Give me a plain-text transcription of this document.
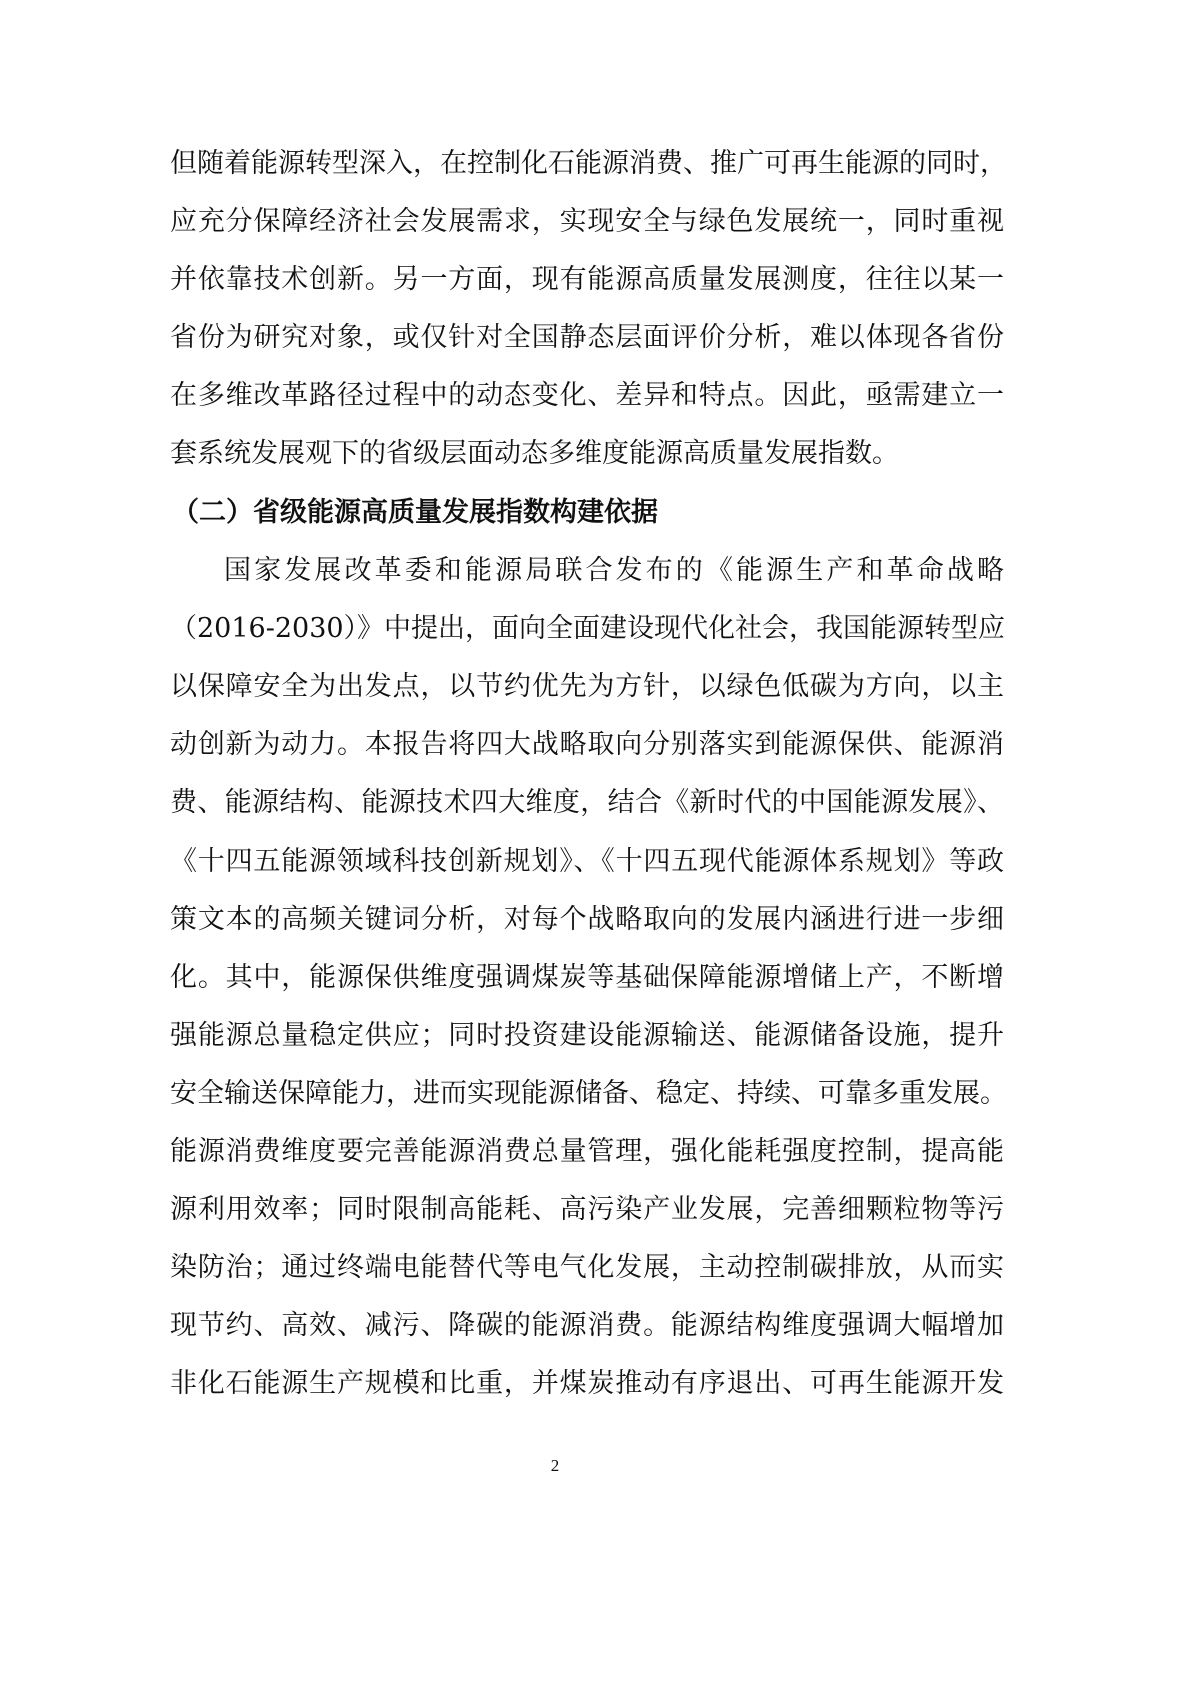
但随着能源转型深入，在控制化石能源消费、推广可再生能源的同时，
应充分保障经济社会发展需求，实现安全与绿色发展统一，同时重视
并依靠技术创新。另一方面，现有能源高质量发展测度，往往以某一
省份为研究对象，或仅针对全国静态层面评价分析，难以体现各省份
在多维改革路径过程中的动态变化、差异和特点。因此，亟需建立一
套系统发展观下的省级层面动态多维度能源高质量发展指数。
（二）省级能源高质量发展指数构建依据
国家发展改革委和能源局联合发布的《能源生产和革命战略
（2016-2030）》中提出，面向全面建设现代化社会，我国能源转型应
以保障安全为出发点，以节约优先为方针，以绿色低碳为方向，以主
动创新为动力。本报告将四大战略取向分别落实到能源保供、能源消
费、能源结构、能源技术四大维度，结合《新时代的中国能源发展》、
《十四五能源领域科技创新规划》、《十四五现代能源体系规划》等政
策文本的高频关键词分析，对每个战略取向的发展内涵进行进一步细
化。其中，能源保供维度强调煤炭等基础保障能源增储上产，不断增
强能源总量稳定供应；同时投资建设能源输送、能源储备设施，提升
安全输送保障能力，进而实现能源储备、稳定、持续、可靠多重发展。
能源消费维度要完善能源消费总量管理，强化能耗强度控制，提高能
源利用效率；同时限制高能耗、高污染产业发展，完善细颗粒物等污
染防治；通过终端电能替代等电气化发展，主动控制碳排放，从而实
现节约、高效、减污、降碳的能源消费。能源结构维度强调大幅增加
非化石能源生产规模和比重，并煤炭推动有序退出、可再生能源开发
2
